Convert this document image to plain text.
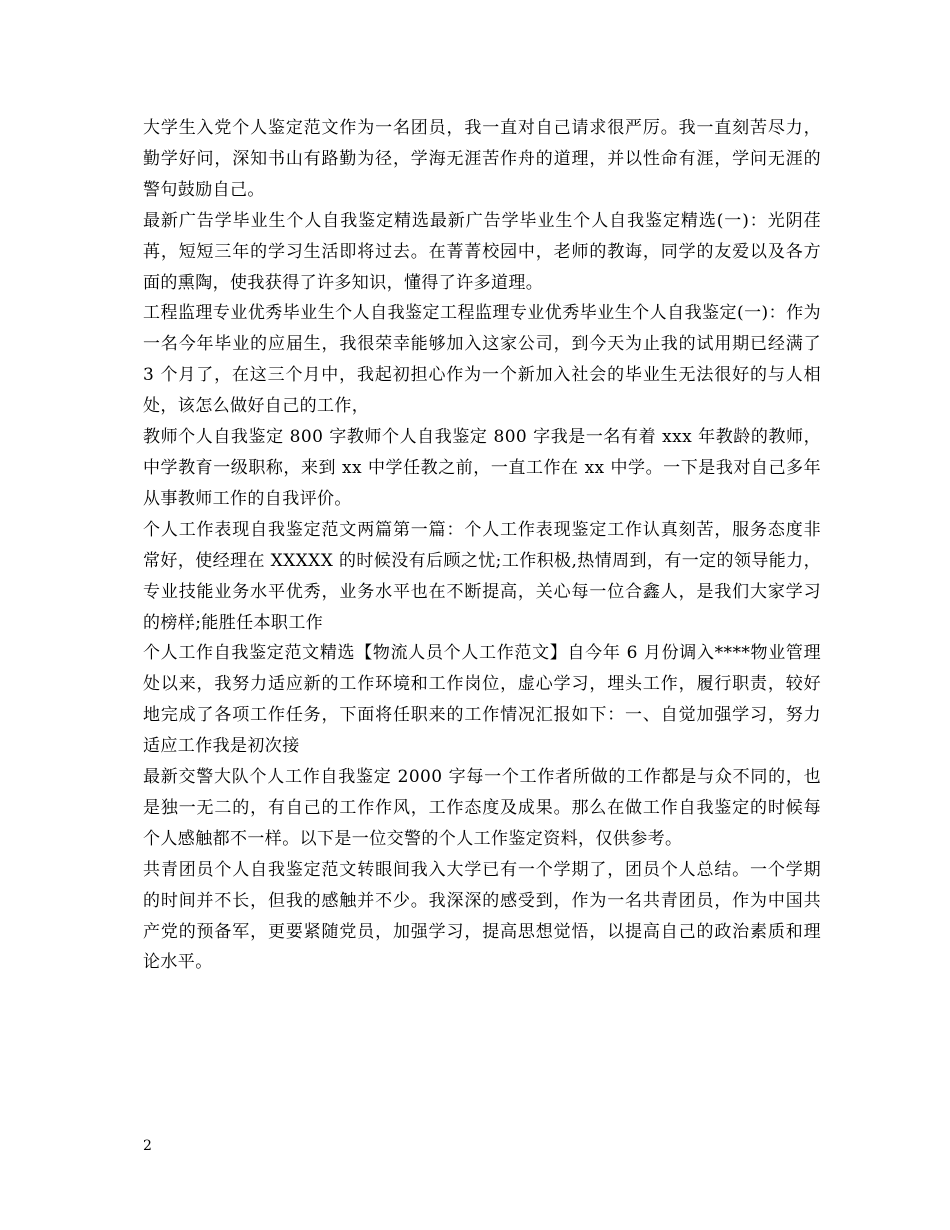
大学生入党个人鉴定范文作为一名团员，我一直对自己请求很严厉。我一直刻苦尽力，勤学好问，深知书山有路勤为径，学海无涯苦作舟的道理，并以性命有涯，学问无涯的警句鼓励自己。

最新广告学毕业生个人自我鉴定精选最新广告学毕业生个人自我鉴定精选(一)：光阴荏苒，短短三年的学习生活即将过去。在菁菁校园中，老师的教诲，同学的友爱以及各方面的熏陶，使我获得了许多知识，懂得了许多道理。

工程监理专业优秀毕业生个人自我鉴定工程监理专业优秀毕业生个人自我鉴定(一)：作为一名今年毕业的应届生，我很荣幸能够加入这家公司，到今天为止我的试用期已经满了 3 个月了，在这三个月中，我起初担心作为一个新加入社会的毕业生无法很好的与人相处，该怎么做好自己的工作，

教师个人自我鉴定 800 字教师个人自我鉴定 800 字我是一名有着 xxx 年教龄的教师，中学教育一级职称，来到 xx 中学任教之前，一直工作在 xx 中学。一下是我对自己多年从事教师工作的自我评价。

个人工作表现自我鉴定范文两篇第一篇：个人工作表现鉴定工作认真刻苦，服务态度非常好，使经理在 XXXXX 的时候没有后顾之忧;工作积极,热情周到，有一定的领导能力，专业技能业务水平优秀，业务水平也在不断提高，关心每一位合鑫人，是我们大家学习的榜样;能胜任本职工作

个人工作自我鉴定范文精选【物流人员个人工作范文】自今年 6 月份调入****物业管理处以来，我努力适应新的工作环境和工作岗位，虚心学习，埋头工作，履行职责，较好地完成了各项工作任务，下面将任职来的工作情况汇报如下：一、自觉加强学习，努力适应工作我是初次接

最新交警大队个人工作自我鉴定 2000 字每一个工作者所做的工作都是与众不同的，也是独一无二的，有自己的工作作风，工作态度及成果。那么在做工作自我鉴定的时候每个人感触都不一样。以下是一位交警的个人工作鉴定资料，仅供参考。

共青团员个人自我鉴定范文转眼间我入大学已有一个学期了，团员个人总结。一个学期的时间并不长，但我的感触并不少。我深深的感受到，作为一名共青团员，作为中国共产党的预备军，更要紧随党员，加强学习，提高思想觉悟，以提高自己的政治素质和理论水平。

2
